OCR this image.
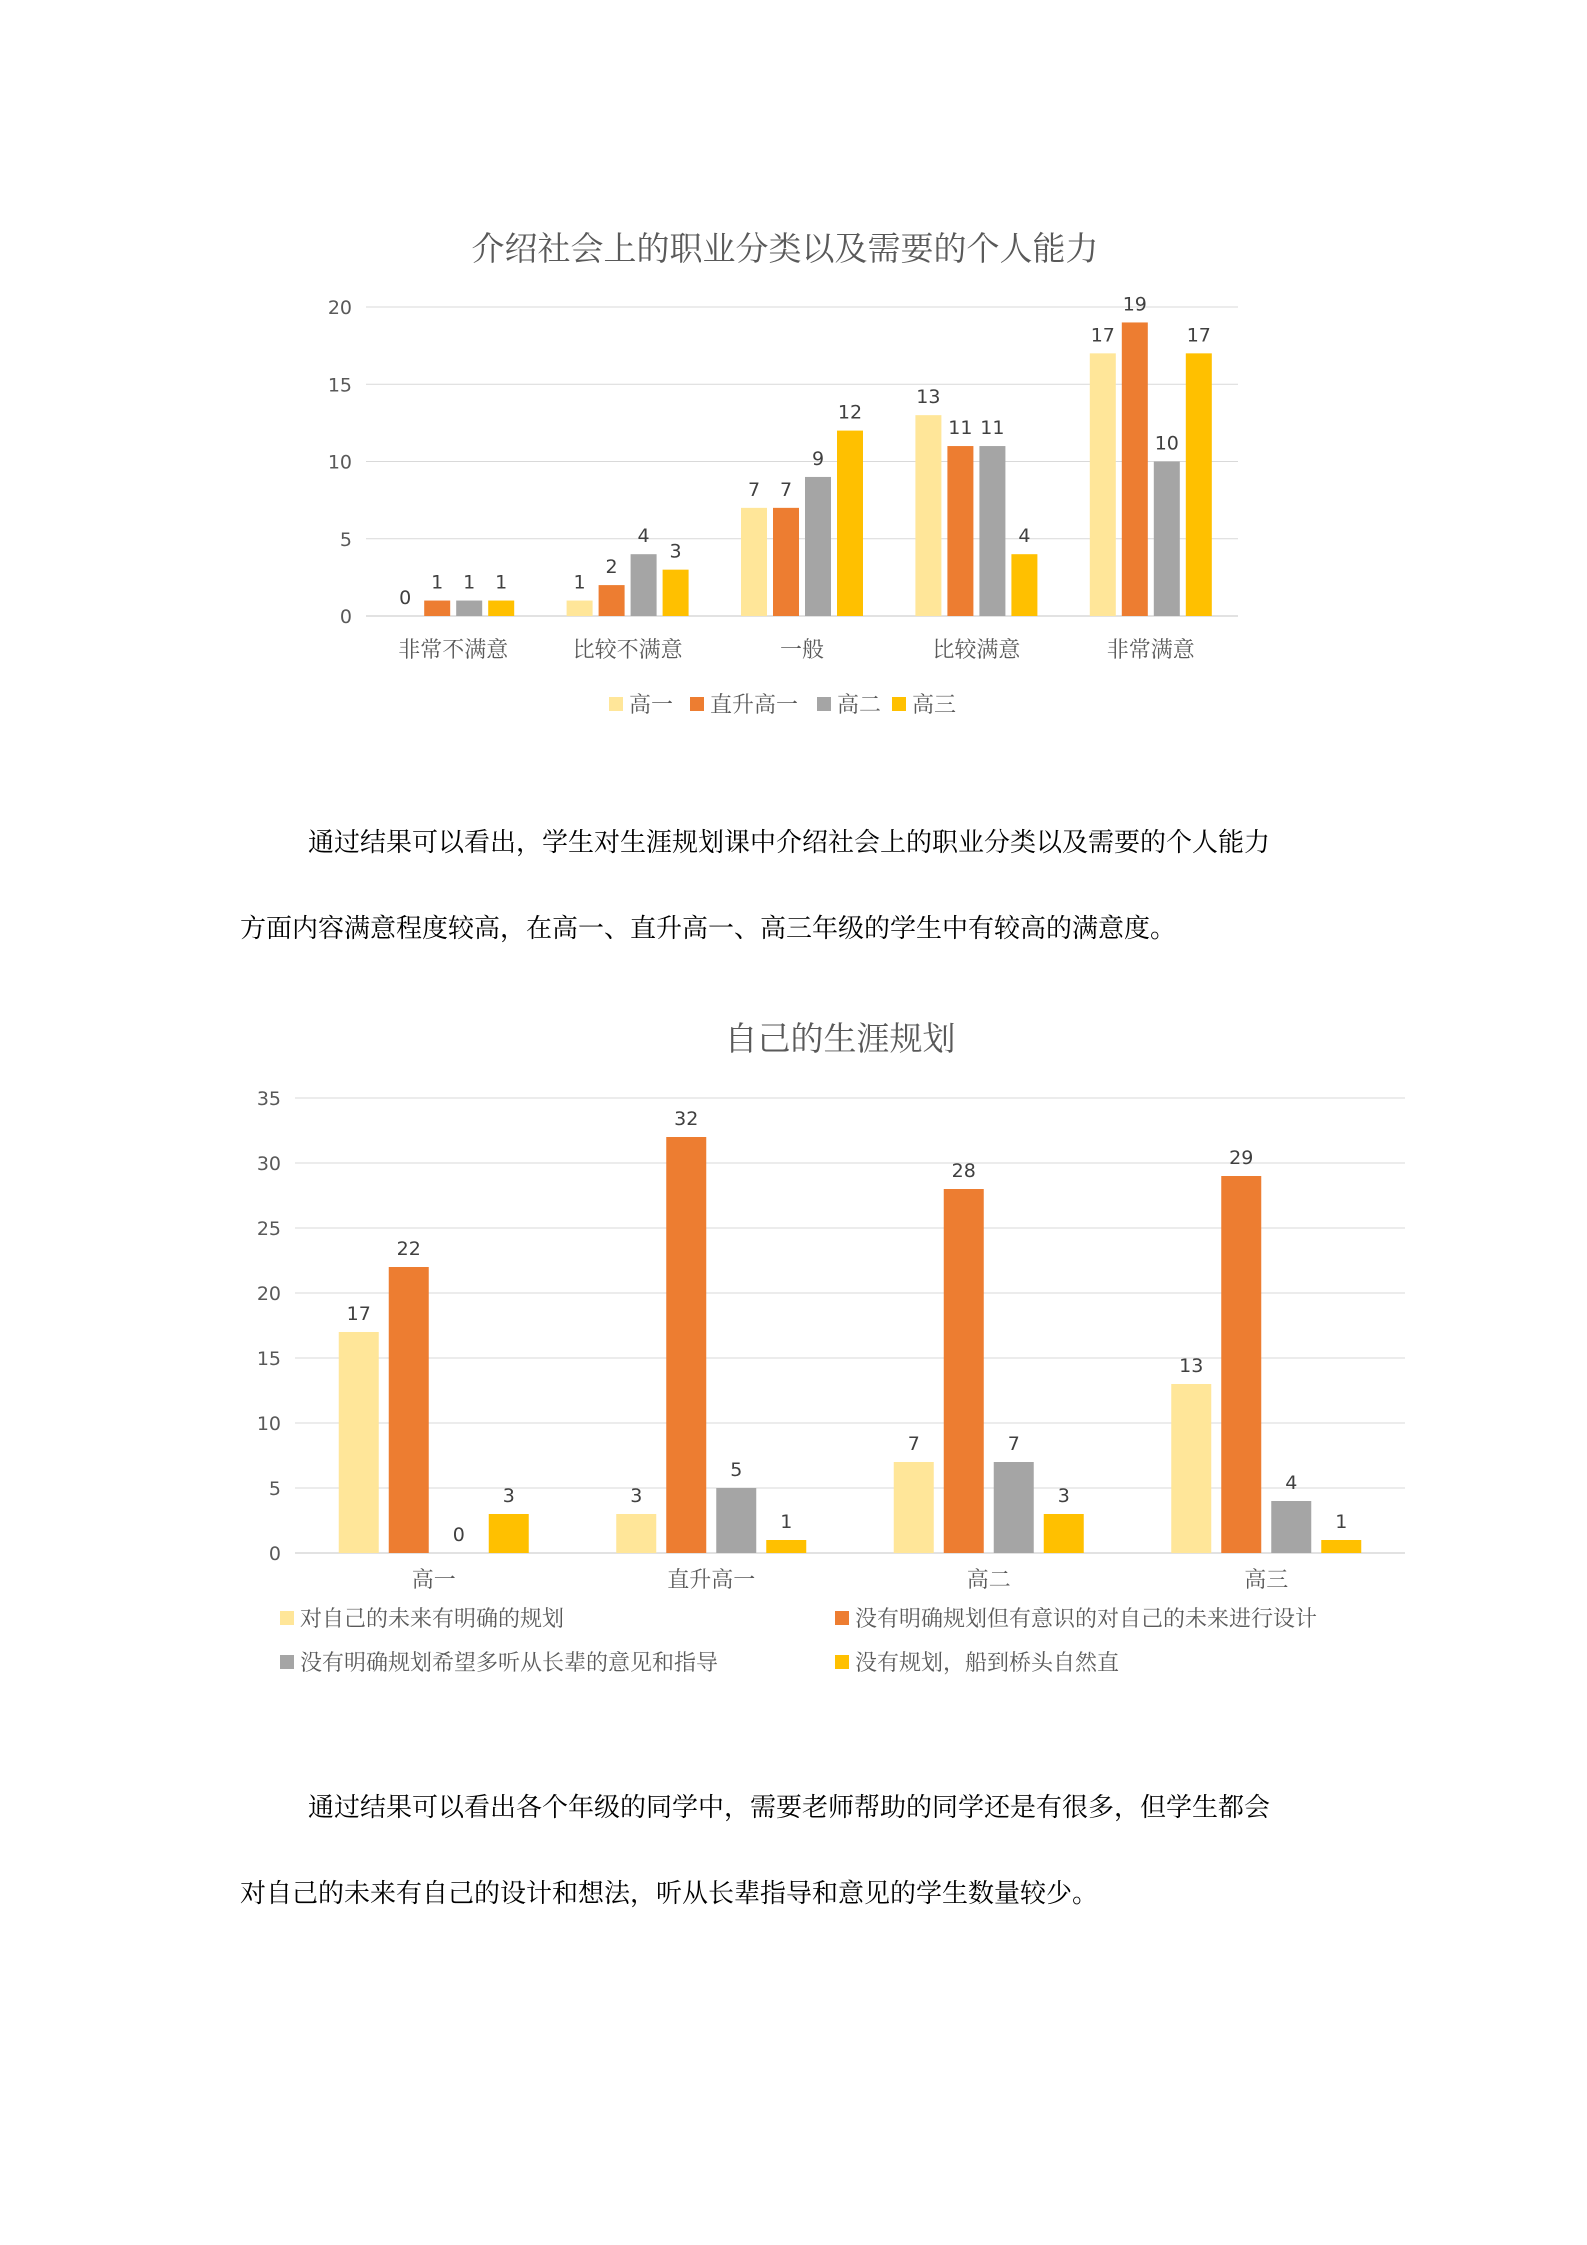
介绍社会上的职业分类以及需要的个人能力
0
5
10
15
20
0
1 1 1
非常不满意
1
2
4
3
比较不满意
7 7
9
12
一般
13
11 11
4
比较满意
17
19
10
17
非常满意
高一 直升高一 高二 高三

通过结果可以看出，学生对生涯规划课中介绍社会上的职业分类以及需要的个人能力
方面内容满意程度较高，在高一、直升高一、高三年级的学生中有较高的满意度。

自己的生涯规划
0
5
10
15
20
25
30
35
17
22
0
3
高一
3
32
5
1
直升高一
7
28
7
3
高二
13
29
4
1
高三
对自己的未来有明确的规划	没有明确规划但有意识的对自己的未来进行设计
没有明确规划希望多听从长辈的意见和指导	没有规划，船到桥头自然直

通过结果可以看出各个年级的同学中，需要老师帮助的同学还是有很多，但学生都会
对自己的未来有自己的设计和想法，听从长辈指导和意见的学生数量较少。
